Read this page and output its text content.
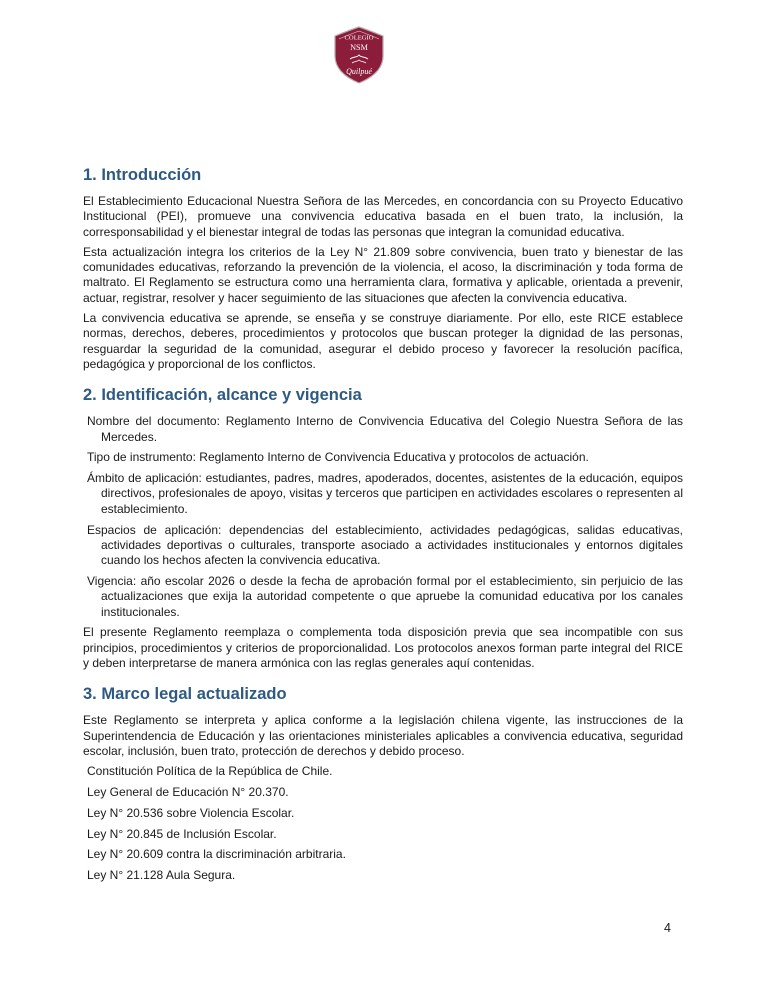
COLEGIO
NSM
Quilpué
1. Introducción

El Establecimiento Educacional Nuestra Señora de las Mercedes, en concordancia con su Proyecto Educativo Institucional (PEI), promueve una convivencia educativa basada en el buen trato, la inclusión, la corresponsabilidad y el bienestar integral de todas las personas que integran la comunidad educativa.

Esta actualización integra los criterios de la Ley N° 21.809 sobre convivencia, buen trato y bienestar de las comunidades educativas, reforzando la prevención de la violencia, el acoso, la discriminación y toda forma de maltrato. El Reglamento se estructura como una herramienta clara, formativa y aplicable, orientada a prevenir, actuar, registrar, resolver y hacer seguimiento de las situaciones que afecten la convivencia educativa.

La convivencia educativa se aprende, se enseña y se construye diariamente. Por ello, este RICE establece normas, derechos, deberes, procedimientos y protocolos que buscan proteger la dignidad de las personas, resguardar la seguridad de la comunidad, asegurar el debido proceso y favorecer la resolución pacífica, pedagógica y proporcional de los conflictos.

2. Identificación, alcance y vigencia
Nombre del documento: Reglamento Interno de Convivencia Educativa del Colegio Nuestra Señora de las Mercedes.
Tipo de instrumento: Reglamento Interno de Convivencia Educativa y protocolos de actuación.
Ámbito de aplicación: estudiantes, padres, madres, apoderados, docentes, asistentes de la educación, equipos directivos, profesionales de apoyo, visitas y terceros que participen en actividades escolares o representen al establecimiento.
Espacios de aplicación: dependencias del establecimiento, actividades pedagógicas, salidas educativas, actividades deportivas o culturales, transporte asociado a actividades institucionales y entornos digitales cuando los hechos afecten la convivencia educativa.
Vigencia: año escolar 2026 o desde la fecha de aprobación formal por el establecimiento, sin perjuicio de las actualizaciones que exija la autoridad competente o que apruebe la comunidad educativa por los canales institucionales.

El presente Reglamento reemplaza o complementa toda disposición previa que sea incompatible con sus principios, procedimientos y criterios de proporcionalidad. Los protocolos anexos forman parte integral del RICE y deben interpretarse de manera armónica con las reglas generales aquí contenidas.

3. Marco legal actualizado

Este Reglamento se interpreta y aplica conforme a la legislación chilena vigente, las instrucciones de la Superintendencia de Educación y las orientaciones ministeriales aplicables a convivencia educativa, seguridad escolar, inclusión, buen trato, protección de derechos y debido proceso.

Constitución Política de la República de Chile.
Ley General de Educación N° 20.370.
Ley N° 20.536 sobre Violencia Escolar.
Ley N° 20.845 de Inclusión Escolar.
Ley N° 20.609 contra la discriminación arbitraria.
Ley N° 21.128 Aula Segura.
4
